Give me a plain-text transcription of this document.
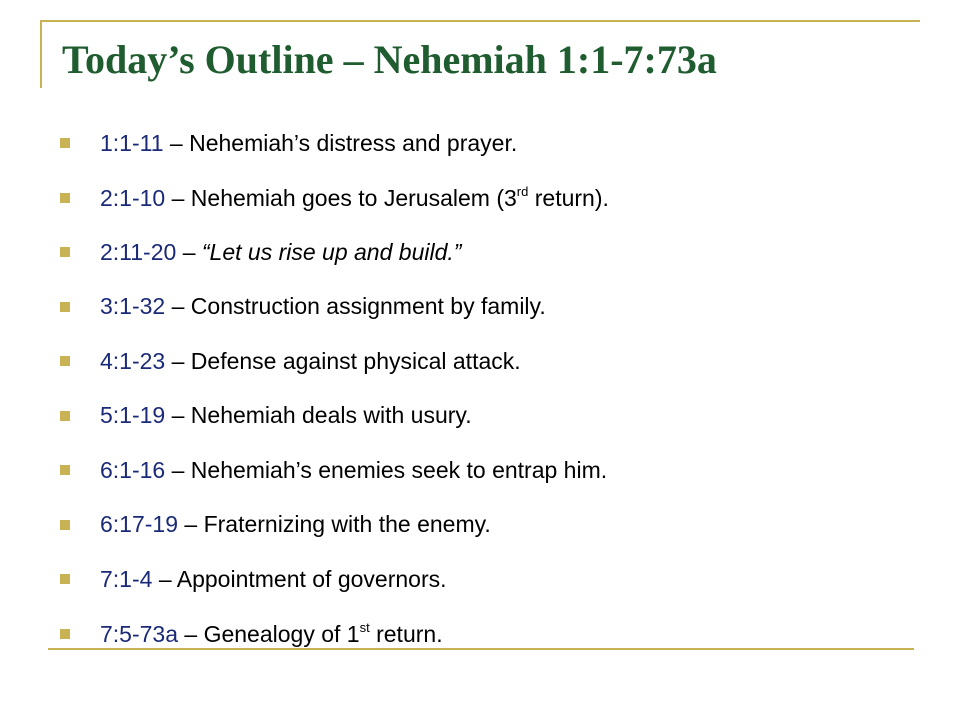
Today’s Outline – Nehemiah 1:1-7:73a
1:1-11 – Nehemiah’s distress and prayer.
2:1-10 – Nehemiah goes to Jerusalem (3rd return).
2:11-20 – “Let us rise up and build.”
3:1-32 – Construction assignment by family.
4:1-23 – Defense against physical attack.
5:1-19 – Nehemiah deals with usury.
6:1-16 – Nehemiah’s enemies seek to entrap him.
6:17-19 – Fraternizing with the enemy.
7:1-4 – Appointment of governors.
7:5-73a – Genealogy of 1st return.
